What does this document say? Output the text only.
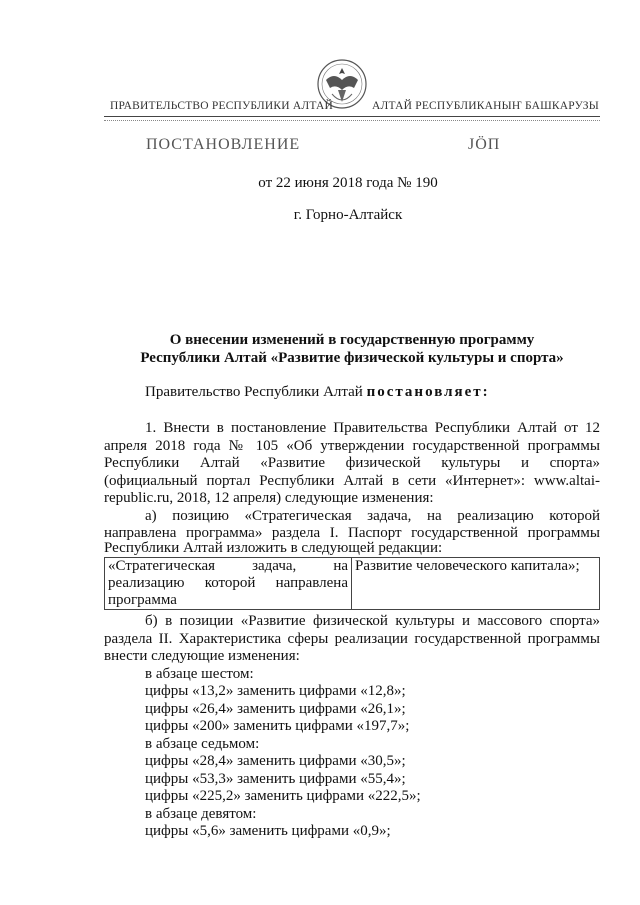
ПРАВИТЕЛЬСТВО РЕСПУБЛИКИ АЛТАЙ	АЛТАЙ РЕСПУБЛИКАНЫҤ БАШКАРУЗЫ
ПОСТАНОВЛЕНИЕ	ЈӦП
от 22 июня 2018 года № 190
г. Горно-Алтайск
О внесении изменений в государственную программу
Республики Алтай «Развитие физической культуры и спорта»
Правительство Республики Алтай постановляет:
1. Внести в постановление Правительства Республики Алтай от 12
апреля 2018 года № 105 «Об утверждении государственной программы
Республики Алтай «Развитие физической культуры и спорта»
(официальный портал Республики Алтай в сети «Интернет»: www.altai-
republic.ru, 2018, 12 апреля) следующие изменения:
а) позицию «Стратегическая задача, на реализацию которой
направлена программа» раздела I. Паспорт государственной программы
Республики Алтай изложить в следующей редакции:
«Стратегическая задача, на
реализацию которой направлена
программа
	Развитие человеческого капитала»;
б) в позиции «Развитие физической культуры и массового спорта»
раздела II. Характеристика сферы реализации государственной программы
внести следующие изменения:
в абзаце шестом:
цифры «13,2» заменить цифрами «12,8»;
цифры «26,4» заменить цифрами «26,1»;
цифры «200» заменить цифрами «197,7»;
в абзаце седьмом:
цифры «28,4» заменить цифрами «30,5»;
цифры «53,3» заменить цифрами «55,4»;
цифры «225,2» заменить цифрами «222,5»;
в абзаце девятом:
цифры «5,6» заменить цифрами «0,9»;
